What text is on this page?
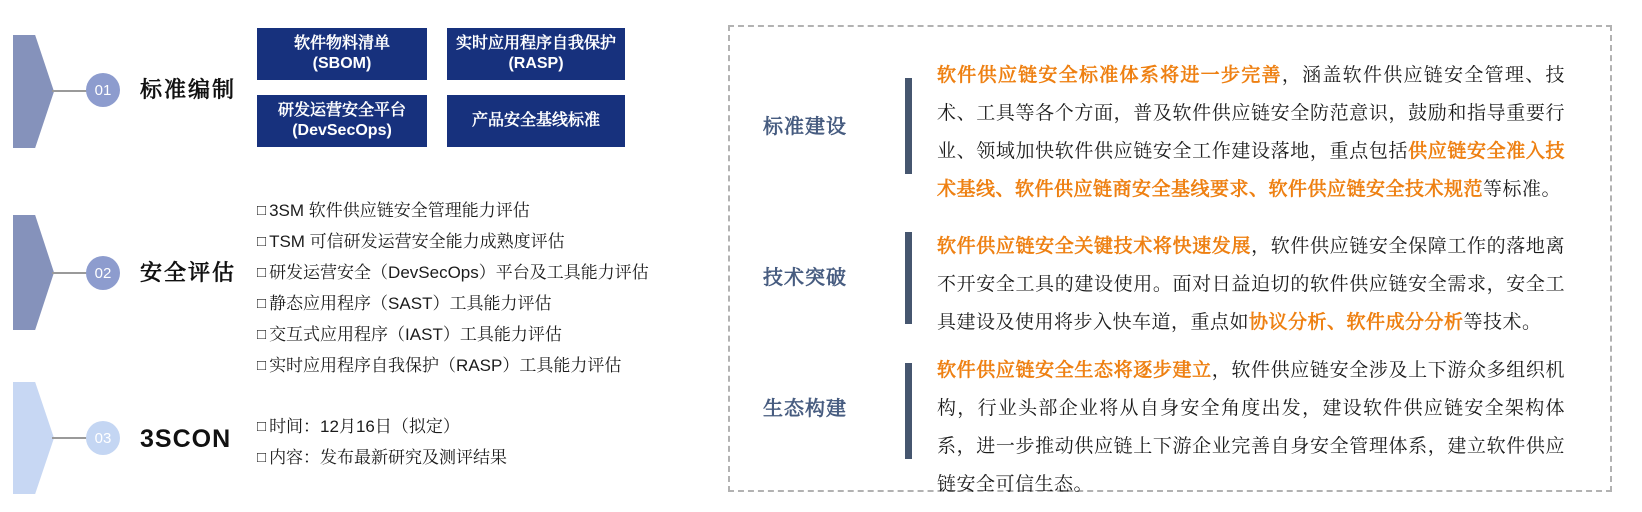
01 标准编制
软件物料清单
(SBOM)
实时应用程序自我保护
(RASP)
研发运营安全平台
(DevSecOps)
产品安全基线标准
02 安全评估
□ 3SM 软件供应链安全管理能力评估
□ TSM 可信研发运营安全能力成熟度评估
□ 研发运营安全（DevSecOps）平台及工具能力评估
□ 静态应用程序（SAST）工具能力评估
□ 交互式应用程序（IAST）工具能力评估
□ 实时应用程序自我保护（RASP）工具能力评估
03 3SCON □ 时间：12月16日（拟定）
□ 内容：发布最新研究及测评结果
标准建设

软件供应链安全标准体系将进一步完善，涵盖软件供应链安全管理、技术、工具等各个方面，普及软件供应链安全防范意识，鼓励和指导重要行业、领域加快软件供应链安全工作建设落地，重点包括供应链安全准入技术基线、软件供应链商安全基线要求、软件供应链安全技术规范等标准。

技术突破

软件供应链安全关键技术将快速发展，软件供应链安全保障工作的落地离不开安全工具的建设使用。面对日益迫切的软件供应链安全需求，安全工具建设及使用将步入快车道，重点如协议分析、软件成分分析等技术。

生态构建

软件供应链安全生态将逐步建立，软件供应链安全涉及上下游众多组织机构，行业头部企业将从自身安全角度出发，建设软件供应链安全架构体系，进一步推动供应链上下游企业完善自身安全管理体系，建立软件供应链安全可信生态。
